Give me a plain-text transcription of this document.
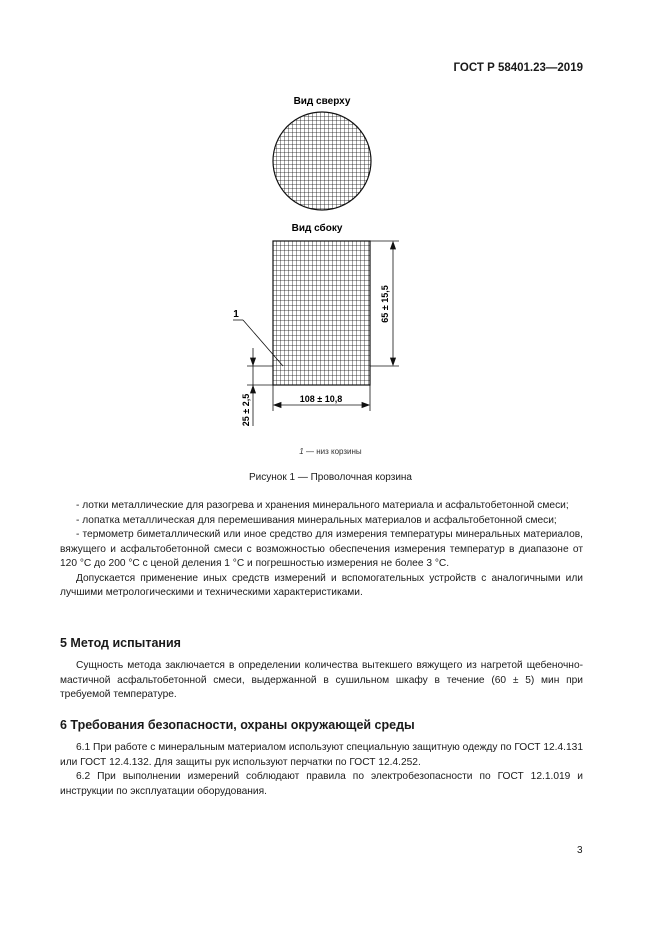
ГОСТ Р 58401.23—2019
Вид сверху
Вид сбоку
65 ± 15,5
108 ± 10,8
25 ± 2,5
1
1 — низ корзины
Рисунок 1 — Проволочная корзина

- лотки металлические для разогрева и хранения минерального материала и асфальтобетонной смеси;

- лопатка металлическая для перемешивания минеральных материалов и асфальтобетонной смеси;

- термометр биметаллический или иное средство для измерения температуры минеральных материалов, вяжущего и асфальтобетонной смеси с возможностью обеспечения измерения температур в диапазоне от 120 °С до 200 °С с ценой деления 1 °С и погрешностью измерения не более 3 °С.

Допускается применение иных средств измерений и вспомогательных устройств с аналогичными или лучшими метрологическими и техническими характеристиками.

5 Метод испытания

Сущность метода заключается в определении количества вытекшего вяжущего из нагретой щебеночно-мастичной асфальтобетонной смеси, выдержанной в сушильном шкафу в течение (60 ± 5) мин при требуемой температуре.

6 Требования безопасности, охраны окружающей среды

6.1 При работе с минеральным материалом используют специальную защитную одежду по ГОСТ 12.4.131 или ГОСТ 12.4.132. Для защиты рук используют перчатки по ГОСТ 12.4.252.

6.2 При выполнении измерений соблюдают правила по электробезопасности по ГОСТ 12.1.019 и инструкции по эксплуатации оборудования.

3
